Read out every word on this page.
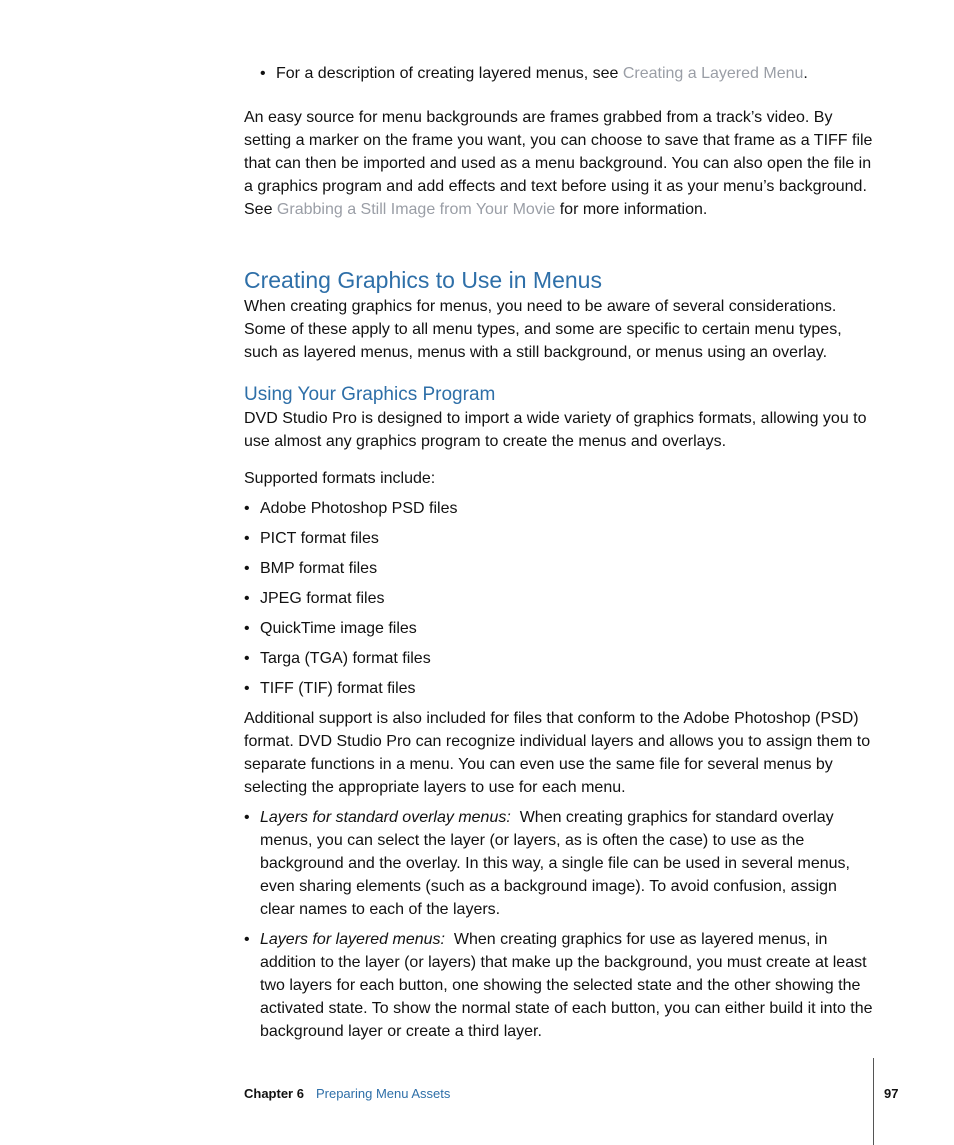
• For a description of creating layered menus, see Creating a Layered Menu.

An easy source for menu backgrounds are frames grabbed from a track’s video. By setting a marker on the frame you want, you can choose to save that frame as a TIFF file that can then be imported and used as a menu background. You can also open the file in a graphics program and add effects and text before using it as your menu’s background. See Grabbing a Still Image from Your Movie for more information.

Creating Graphics to Use in Menus

When creating graphics for menus, you need to be aware of several considerations. Some of these apply to all menu types, and some are specific to certain menu types, such as layered menus, menus with a still background, or menus using an overlay.

Using Your Graphics Program

DVD Studio Pro is designed to import a wide variety of graphics formats, allowing you to use almost any graphics program to create the menus and overlays.

Supported formats include:

• Adobe Photoshop PSD files
• PICT format files
• BMP format files
• JPEG format files
• QuickTime image files
• Targa (TGA) format files
• TIFF (TIF) format files

Additional support is also included for files that conform to the Adobe Photoshop (PSD) format. DVD Studio Pro can recognize individual layers and allows you to assign them to separate functions in a menu. You can even use the same file for several menus by selecting the appropriate layers to use for each menu.

• Layers for standard overlay menus: When creating graphics for standard overlay menus, you can select the layer (or layers, as is often the case) to use as the background and the overlay. In this way, a single file can be used in several menus, even sharing elements (such as a background image). To avoid confusion, assign clear names to each of the layers.
• Layers for layered menus: When creating graphics for use as layered menus, in addition to the layer (or layers) that make up the background, you must create at least two layers for each button, one showing the selected state and the other showing the activated state. To show the normal state of each button, you can either build it into the background layer or create a third layer.
Chapter 6 Preparing Menu Assets	97
